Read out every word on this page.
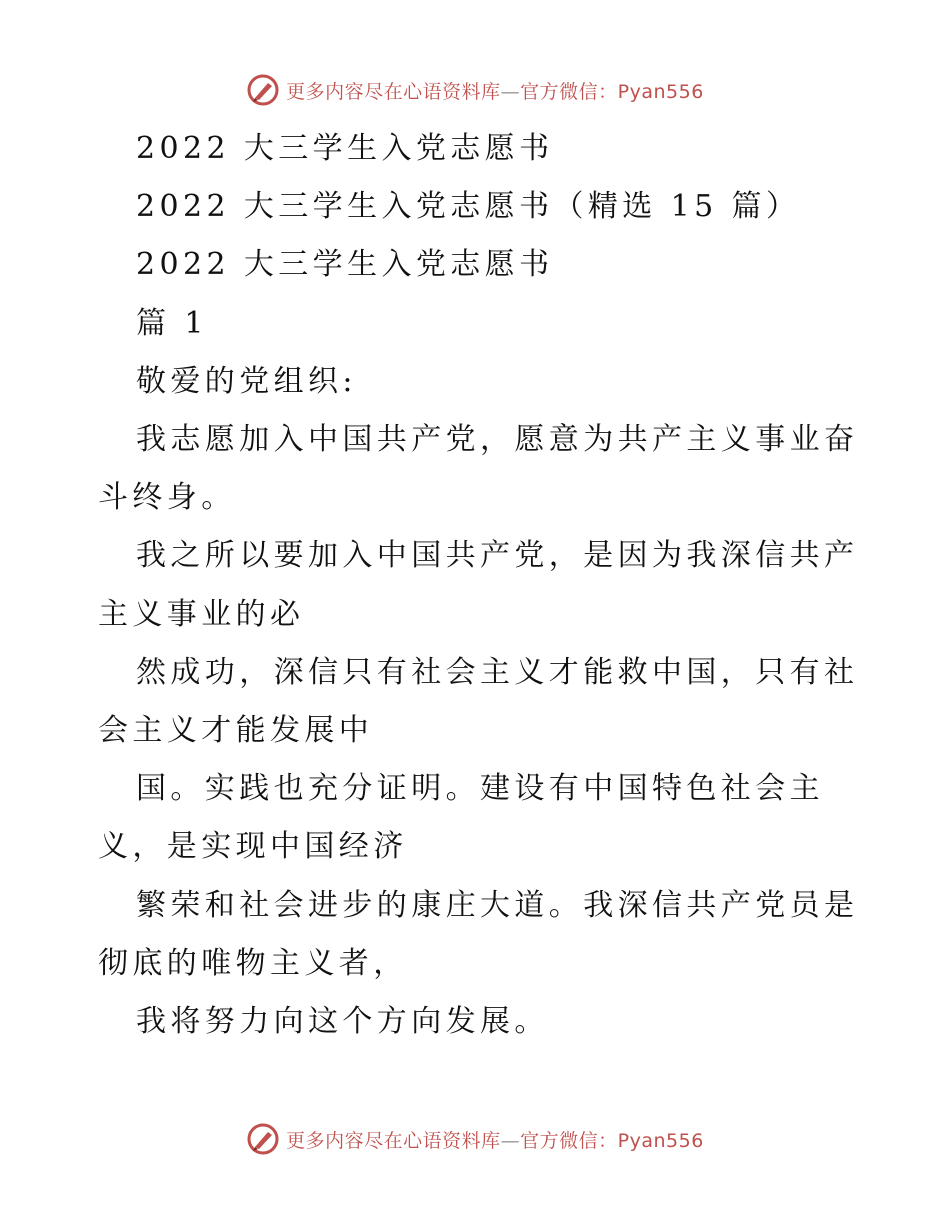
更多内容尽在心语资料库—官方微信：Pyan556

2022 大三学生入党志愿书

2022 大三学生入党志愿书（精选 15 篇）

2022 大三学生入党志愿书

篇 1

敬爱的党组织:

我志愿加入中国共产党，愿意为共产主义事业奋

斗终身。

我之所以要加入中国共产党，是因为我深信共产

主义事业的必

然成功，深信只有社会主义才能救中国，只有社

会主义才能发展中

国。实践也充分证明。建设有中国特色社会主

义，是实现中国经济

繁荣和社会进步的康庄大道。我深信共产党员是

彻底的唯物主义者，

我将努力向这个方向发展。

更多内容尽在心语资料库—官方微信：Pyan556
